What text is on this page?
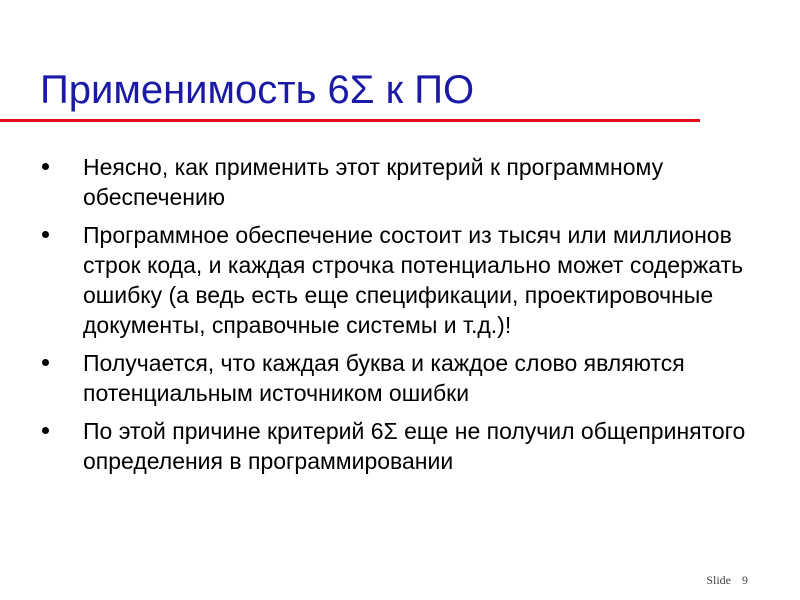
Применимость 6Σ к ПО
Неясно, как применить этот критерий к программному обеспечению
Программное обеспечение состоит из тысяч или миллионов строк кода, и каждая строчка потенциально может содержать ошибку (а ведь есть еще спецификации, проектировочные документы, справочные системы и т.д.)!
Получается, что каждая буква и каждое слово являются потенциальным источником ошибки
По этой причине критерий 6Σ еще не получил общепринятого определения в программировании
Slide 9
